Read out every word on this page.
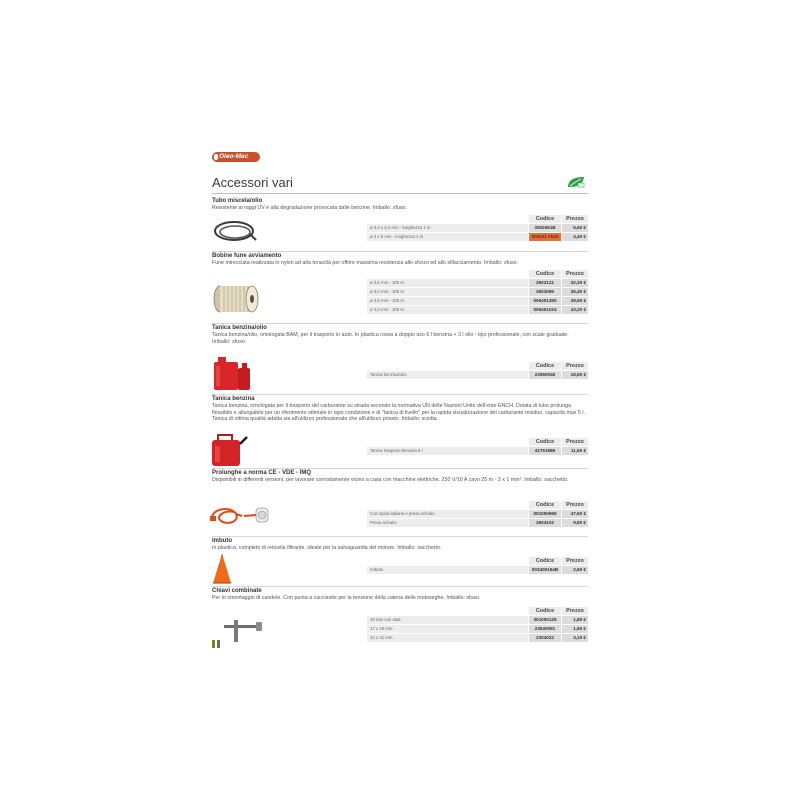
Oleo-Mac
Accessori vari
Tubo miscela/olio
Resistente ai raggi UV e alla degradazione provocata dalle benzine. Imballo: sfuso.
Codice	Prezzo
ø 3,2 x 6,4 mm - lunghezza 1 m	3502661B	5,60 €
ø 3 x 5 mm - lunghezza 1 m	005101 0530	4,40 €
Bobine fune avviamento
Fune intrecciata realizzata in nylon ad alta tenacità per offrire massima resistenza allo sforzo ed allo sfilacciamento. Imballo: sfuso.
Codice	Prezzo
ø 2,5 mm - 100 m	2503121	32,30 €
ø 3,0 mm - 100 m	3503095	36,40 €
ø 3,5 mm - 100 m	006401350	39,90 €
ø 4,0 mm - 100 m	006401024	43,20 €
Tanica benzina/olio
Tanica benzina/olio, omologata BAM, per il trasporto in auto. In plastica rossa a doppio uso 6 l benzina + 3 l olio - tipo professionale, con scale graduate. Imballo: sfuso.
Codice	Prezzo
Tanica benzina/olio	22550046	18,50 €
Tanica benzina
Tanica benzina, omologata per il trasporto del carburante su strada secondo la normativa UN delle Nazioni Unite dell'ente ENCH. Dotata di tubo prolunga flessibile e allungabile per un riferimento ottimale in ogni condizione e di "tanica di livello" per la rapida visualizzazione del carburante residuo, capacità max 5 l. Tanica di ottima qualità adatta sia all'utilizzo professionale che all'utilizzo privato. Imballo: sciolta.
Codice	Prezzo
Tanica trasporto benzina 5 l	41751986	11,60 €
Prolunghe a norma CE - VDE - IMQ
Disponibili in differenti versioni, per lavorare comodamente vicino a casa con macchine elettriche. 250 V/10 A cavo 25 m - 3 x 1 mm². Imballo: sacchetto.
Codice	Prezzo
Con spina italiana e presa schuko	001000965	47,60 €
Presa Schuko	3504102	9,80 €
Imbuto
In plastica, completo di reticella filtrante, ideale per la salvaguardia del motore. Imballo: sacchetto.
Codice	Prezzo
Imbuto	003400154B	2,60 €
Chiavi combinate
Per lo smontaggio di candele. Con punta a cacciavite per la tensione della catena delle motoseghe. Imballo: sfuso.
Codice	Prezzo
19 mm con asta	301000129	1,80 €
17 x 19 mm	23040091	1,80 €
14 x 21 mm	2304022	3,10 €
